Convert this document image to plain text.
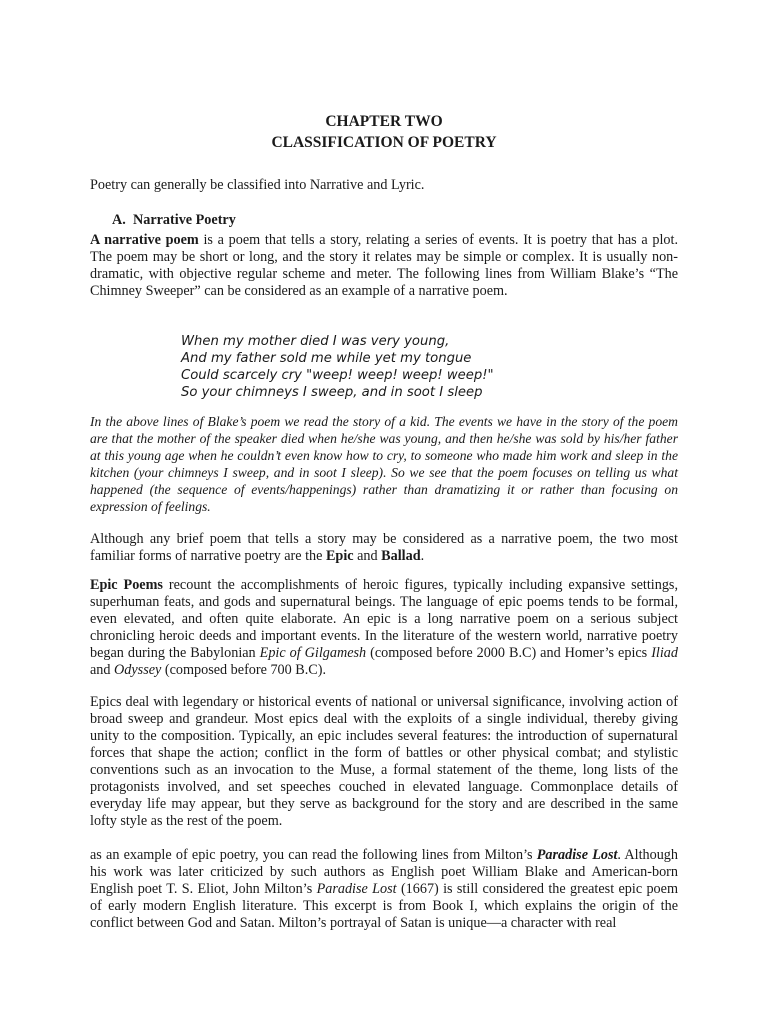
CHAPTER TWO
CLASSIFICATION OF POETRY

Poetry can generally be classified into Narrative and Lyric.

A. Narrative Poetry

A narrative poem is a poem that tells a story, relating a series of events. It is poetry that has a plot. The poem may be short or long, and the story it relates may be simple or complex. It is usually non-dramatic, with objective regular scheme and meter. The following lines from William Blake’s “The Chimney Sweeper” can be considered as an example of a narrative poem.

When my mother died I was very young,
And my father sold me while yet my tongue
Could scarcely cry "weep! weep! weep! weep!"
So your chimneys I sweep, and in soot I sleep

In the above lines of Blake’s poem we read the story of a kid. The events we have in the story of the poem are that the mother of the speaker died when he/she was young, and then he/she was sold by his/her father at this young age when he couldn’t even know how to cry, to someone who made him work and sleep in the kitchen (your chimneys I sweep, and in soot I sleep). So we see that the poem focuses on telling us what happened (the sequence of events/happenings) rather than dramatizing it or rather than focusing on expression of feelings.

Although any brief poem that tells a story may be considered as a narrative poem, the two most familiar forms of narrative poetry are the Epic and Ballad.

Epic Poems recount the accomplishments of heroic figures, typically including expansive settings, superhuman feats, and gods and supernatural beings. The language of epic poems tends to be formal, even elevated, and often quite elaborate. An epic is a long narrative poem on a serious subject chronicling heroic deeds and important events. In the literature of the western world, narrative poetry began during the Babylonian Epic of Gilgamesh (composed before 2000 B.C) and Homer’s epics Iliad and Odyssey (composed before 700 B.C).

Epics deal with legendary or historical events of national or universal significance, involving action of broad sweep and grandeur. Most epics deal with the exploits of a single individual, thereby giving unity to the composition. Typically, an epic includes several features: the introduction of supernatural forces that shape the action; conflict in the form of battles or other physical combat; and stylistic conventions such as an invocation to the Muse, a formal statement of the theme, long lists of the protagonists involved, and set speeches couched in elevated language. Commonplace details of everyday life may appear, but they serve as background for the story and are described in the same lofty style as the rest of the poem.

as an example of epic poetry, you can read the following lines from Milton’s Paradise Lost. Although his work was later criticized by such authors as English poet William Blake and American-born English poet T. S. Eliot, John Milton’s Paradise Lost (1667) is still considered the greatest epic poem of early modern English literature. This excerpt is from Book I, which explains the origin of the conflict between God and Satan. Milton’s portrayal of Satan is unique—a character with real
